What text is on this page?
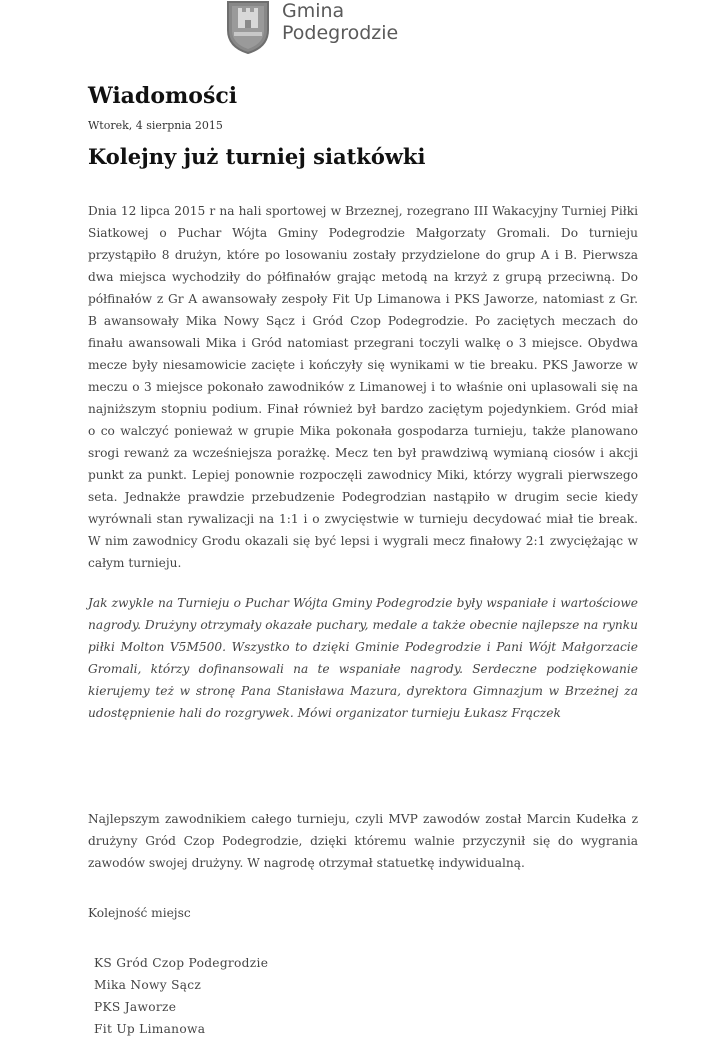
Gmina
Podegrodzie
Wiadomości
Wtorek, 4 sierpnia 2015
Kolejny już turniej siatkówki

Dnia 12 lipca 2015 r na hali sportowej w Brzeznej, rozegrano III Wakacyjny Turniej Piłki Siatkowej o Puchar Wójta Gminy Podegrodzie Małgorzaty Gromali. Do turnieju przystąpiło 8 drużyn, które po losowaniu zostały przydzielone do grup A i B. Pierwsza dwa miejsca wychodziły do półfinałów grając metodą na krzyż z grupą przeciwną. Do półfinałów z Gr A awansowały zespoły Fit Up Limanowa i PKS Jaworze, natomiast z Gr. B awansowały Mika Nowy Sącz i Gród Czop Podegrodzie. Po zaciętych meczach do finału awansowali Mika i Gród natomiast przegrani toczyli walkę o 3 miejsce. Obydwa mecze były niesamowicie zacięte i kończyły się wynikami w tie breaku. PKS Jaworze w meczu o 3 miejsce pokonało zawodników z Limanowej i to właśnie oni uplasowali się na najniższym stopniu podium. Finał również był bardzo zaciętym pojedynkiem. Gród miał o co walczyć ponieważ w grupie Mika pokonała gospodarza turnieju, także planowano srogi rewanż za wcześniejsza porażkę. Mecz ten był prawdziwą wymianą ciosów i akcji punkt za punkt. Lepiej ponownie rozpoczęli zawodnicy Miki, którzy wygrali pierwszego seta. Jednakże prawdzie przebudzenie Podegrodzian nastąpiło w drugim secie kiedy wyrównali stan rywalizacji na 1:1 i o zwycięstwie w turnieju decydować miał tie break. W nim zawodnicy Grodu okazali się być lepsi i wygrali mecz finałowy 2:1 zwyciężając w całym turnieju.

Jak zwykle na Turnieju o Puchar Wójta Gminy Podegrodzie były wspaniałe i wartościowe nagrody. Drużyny otrzymały okazałe puchary, medale a także obecnie najlepsze na rynku piłki Molton V5M500. Wszystko to dzięki Gminie Podegrodzie i Pani Wójt Małgorzacie Gromali, którzy dofinansowali na te wspaniałe nagrody. Serdeczne podziękowanie kierujemy też w stronę Pana Stanisława Mazura, dyrektora Gimnazjum w Brzeżnej za udostępnienie hali do rozgrywek. Mówi organizator turnieju Łukasz Frączek

Najlepszym zawodnikiem całego turnieju, czyli MVP zawodów został Marcin Kudełka z drużyny Gród Czop Podegrodzie, dzięki któremu walnie przyczynił się do wygrania zawodów swojej drużyny. W nagrodę otrzymał statuetkę indywidualną.

Kolejność miejsc

KS Gród Czop Podegrodzie
Mika Nowy Sącz
PKS Jaworze
Fit Up Limanowa
